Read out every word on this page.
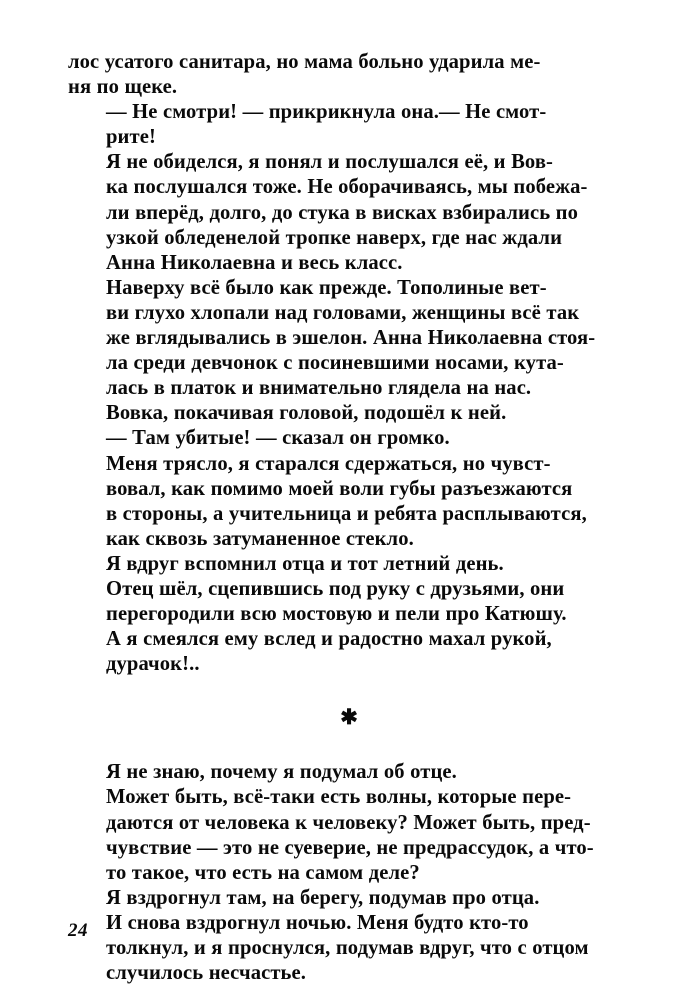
лос усатого санитара, но мама больно ударила ме-
ня по щеке.

— Не смотри! — прикрикнула она.— Не смот-
рите!

Я не обиделся, я понял и послушался её, и Вов-
ка послушался тоже. Не оборачиваясь, мы побежа-
ли вперёд, долго, до стука в висках взбирались по
узкой обледенелой тропке наверх, где нас ждали
Анна Николаевна и весь класс.

Наверху всё было как прежде. Тополиные вет-
ви глухо хлопали над головами, женщины всё так
же вглядывались в эшелон. Анна Николаевна стоя-
ла среди девчонок с посиневшими носами, кута-
лась в платок и внимательно глядела на нас.

Вовка, покачивая головой, подошёл к ней.

— Там убитые! — сказал он громко.

Меня трясло, я старался сдержаться, но чувст-
вовал, как помимо моей воли губы разъезжаются
в стороны, а учительница и ребята расплываются,
как сквозь затуманенное стекло.

Я вдруг вспомнил отца и тот летний день.

Отец шёл, сцепившись под руку с друзьями, они
перегородили всю мостовую и пели про Катюшу.

А я смеялся ему вслед и радостно махал рукой,
дурачок!..

✱

Я не знаю, почему я подумал об отце.

Может быть, всё-таки есть волны, которые пере-
даются от человека к человеку? Может быть, пред-
чувствие — это не суеверие, не предрассудок, а что-
то такое, что есть на самом деле?

Я вздрогнул там, на берегу, подумав про отца.

И снова вздрогнул ночью. Меня будто кто-то
толкнул, и я проснулся, подумав вдруг, что с отцом
случилось несчастье.

24
